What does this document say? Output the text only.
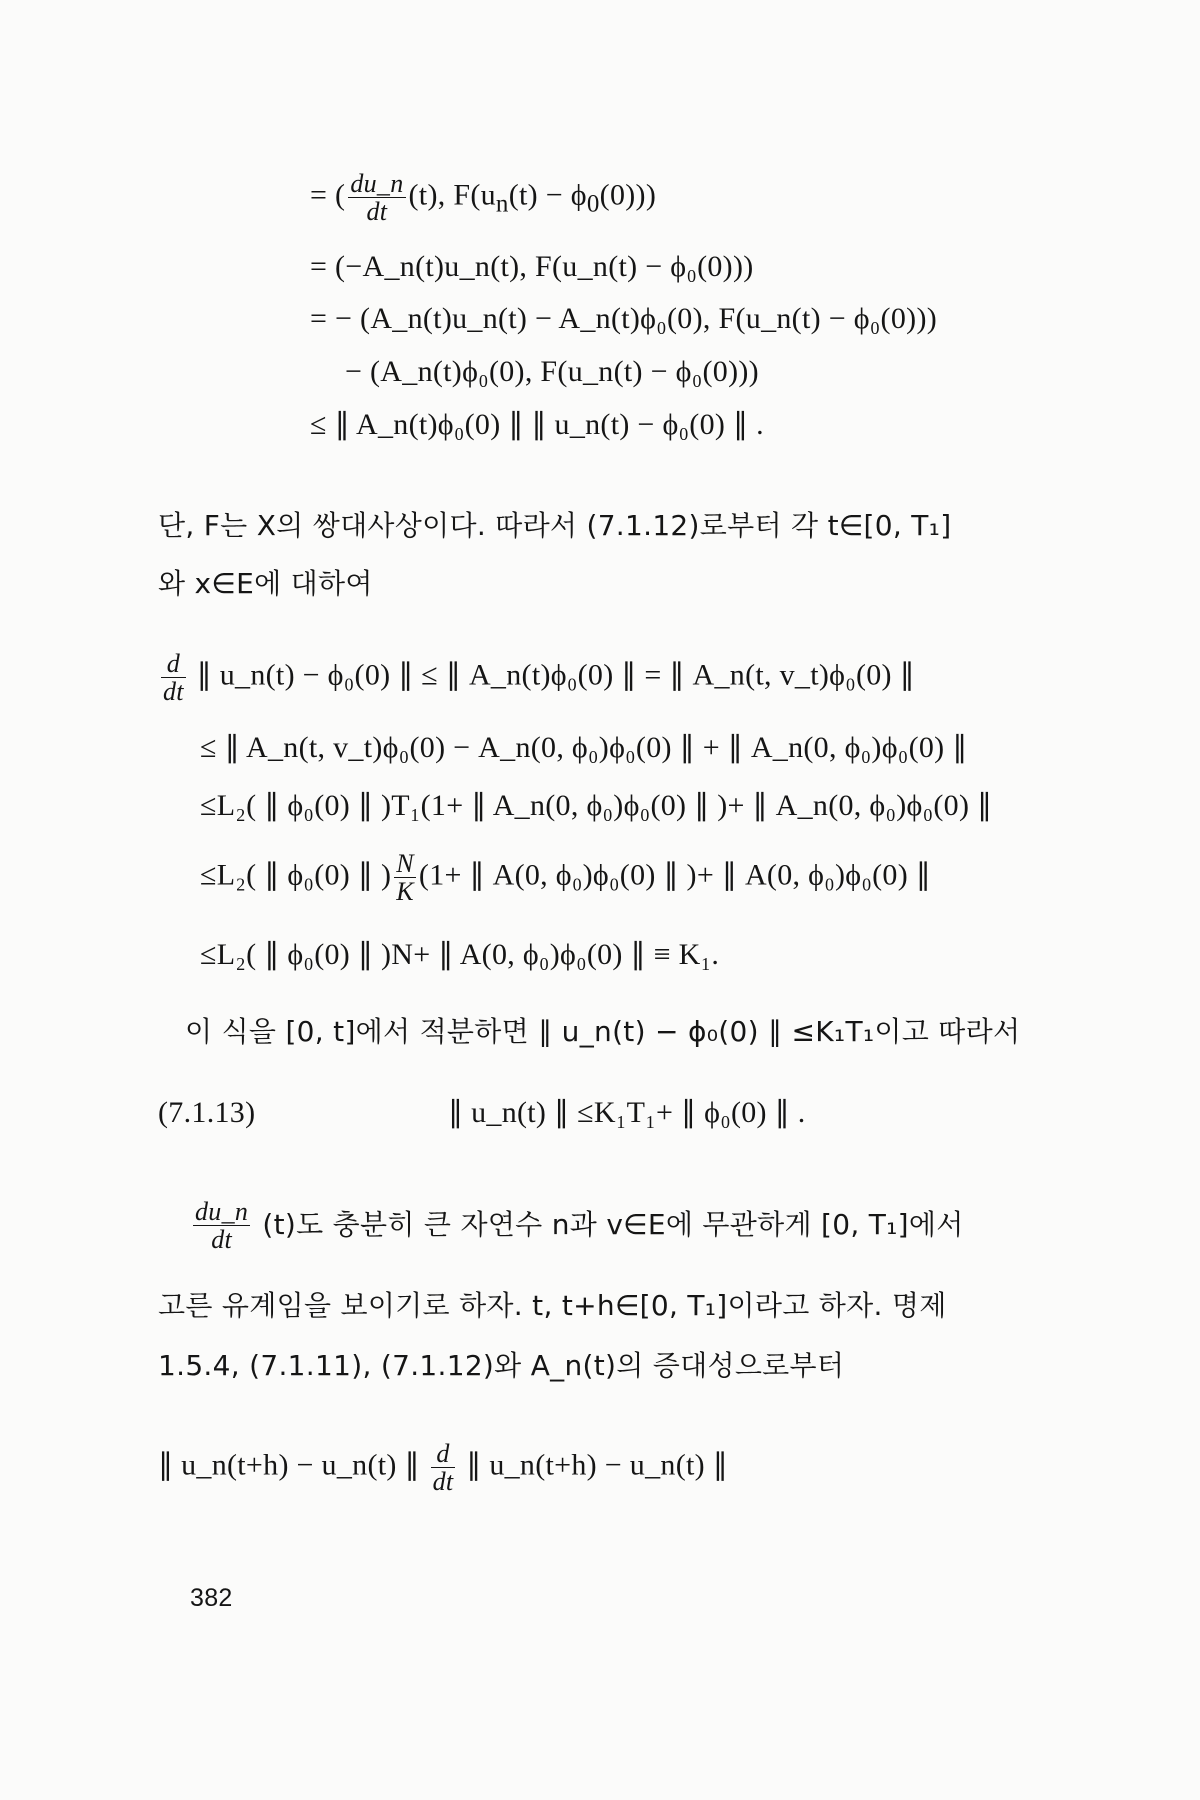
= ( $\frac{du\_n}{dt} (t)$, $F(u_n(t) - \phi_0(0))$)
= (−A_n(t)u_n(t), F(u_n(t) − ϕ₀(0)))
= − (A_n(t)u_n(t) − A_n(t)ϕ₀(0), F(u_n(t) − ϕ₀(0)))
− (A_n(t)ϕ₀(0), F(u_n(t) − ϕ₀(0)))
≤ ∥ A_n(t)ϕ₀(0) ∥ ∥ u_n(t) − ϕ₀(0) ∥ .
단, F는 X의 쌍대사상이다. 따라서 (7.1.12)로부터 각 t∈[0, T₁]
와 x∈E에 대하여
$\frac{d}{dt}$ ∥ u_n(t) − ϕ₀(0) ∥ ≤ ∥ A_n(t)ϕ₀(0) ∥ = ∥ A_n(t, v_t)ϕ₀(0) ∥
≤ ∥ A_n(t, v_t)ϕ₀(0) − A_n(0, ϕ₀)ϕ₀(0) ∥ + ∥ A_n(0, ϕ₀)ϕ₀(0) ∥
≤L₂( ∥ ϕ₀(0) ∥ )T₁(1+ ∥ A_n(0, ϕ₀)ϕ₀(0) ∥ )+ ∥ A_n(0, ϕ₀)ϕ₀(0) ∥
≤L₂( ∥ ϕ₀(0) ∥ ) $\frac{N}{K} (1+$ ∥ A(0, ϕ₀)ϕ₀(0) ∥ )+ ∥ A(0, ϕ₀)ϕ₀(0) ∥
≤L₂( ∥ ϕ₀(0) ∥ )N+ ∥ A(0, ϕ₀)ϕ₀(0) ∥ ≡ K₁.
이 식을 [0, t]에서 적분하면 ∥ u_n(t) − ϕ₀(0) ∥ ≤K₁T₁이고 따라서
(7.1.13)	∥ u_n(t) ∥ ≤K₁T₁+ ∥ ϕ₀(0) ∥ .
$\frac{du\_n}{dt} (t)$도 충분히 큰 자연수 n과 v∈E에 무관하게 [0, T₁]에서
고른 유계임을 보이기로 하자. t, t+h∈[0, T₁]이라고 하자. 명제
1.5.4, (7.1.11), (7.1.12)와 A_n(t)의 증대성으로부터
∥ u_n(t+h) − u_n(t) ∥ $\frac{d}{dt}$ ∥ u_n(t+h) − u_n(t) ∥
382
